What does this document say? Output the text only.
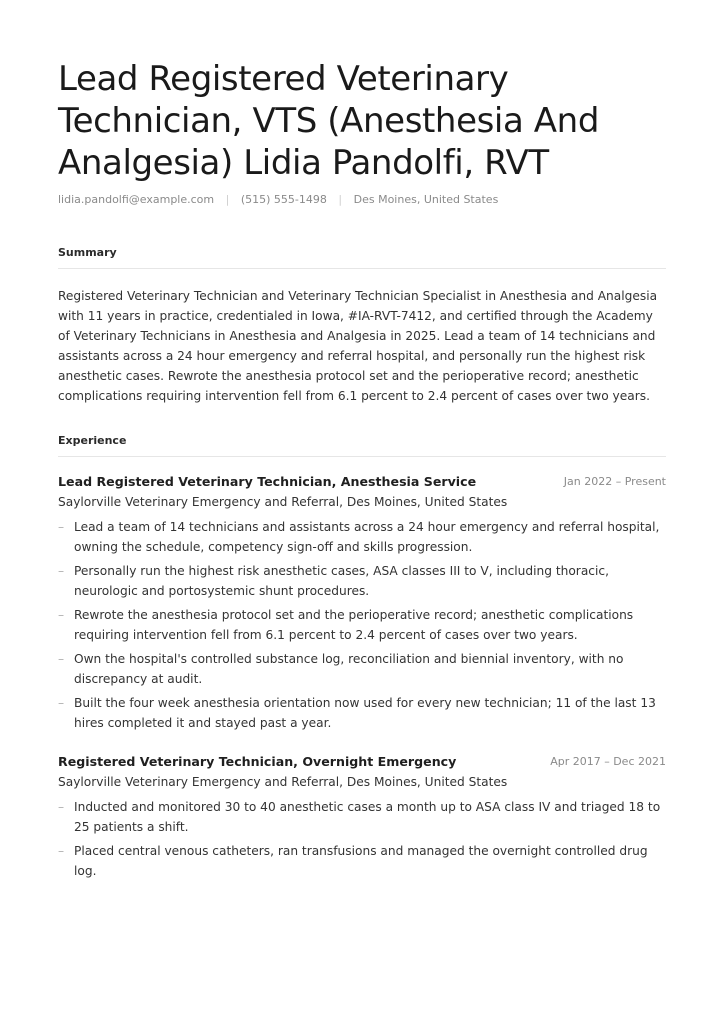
Lead Registered Veterinary
Technician, VTS (Anesthesia And
Analgesia) Lidia Pandolfi, RVT
lidia.pandolfi@example.com | (515) 555-1498 | Des Moines, United States
Summary

Registered Veterinary Technician and Veterinary Technician Specialist in Anesthesia and Analgesia with 11 years in practice, credentialed in Iowa, #IA-RVT-7412, and certified through the Academy of Veterinary Technicians in Anesthesia and Analgesia in 2025. Lead a team of 14 technicians and assistants across a 24 hour emergency and referral hospital, and personally run the highest risk anesthetic cases. Rewrote the anesthesia protocol set and the perioperative record; anesthetic complications requiring intervention fell from 6.1 percent to 2.4 percent of cases over two years.

Experience
Lead Registered Veterinary Technician, Anesthesia Service	Jan 2022 – Present
Saylorville Veterinary Emergency and Referral, Des Moines, United States
– Lead a team of 14 technicians and assistants across a 24 hour emergency and referral hospital, owning the schedule, competency sign-off and skills progression.
– Personally run the highest risk anesthetic cases, ASA classes III to V, including thoracic, neurologic and portosystemic shunt procedures.
– Rewrote the anesthesia protocol set and the perioperative record; anesthetic complications requiring intervention fell from 6.1 percent to 2.4 percent of cases over two years.
– Own the hospital's controlled substance log, reconciliation and biennial inventory, with no discrepancy at audit.
– Built the four week anesthesia orientation now used for every new technician; 11 of the last 13 hires completed it and stayed past a year.
Registered Veterinary Technician, Overnight Emergency	Apr 2017 – Dec 2021
Saylorville Veterinary Emergency and Referral, Des Moines, United States
– Inducted and monitored 30 to 40 anesthetic cases a month up to ASA class IV and triaged 18 to 25 patients a shift.
– Placed central venous catheters, ran transfusions and managed the overnight controlled drug log.
